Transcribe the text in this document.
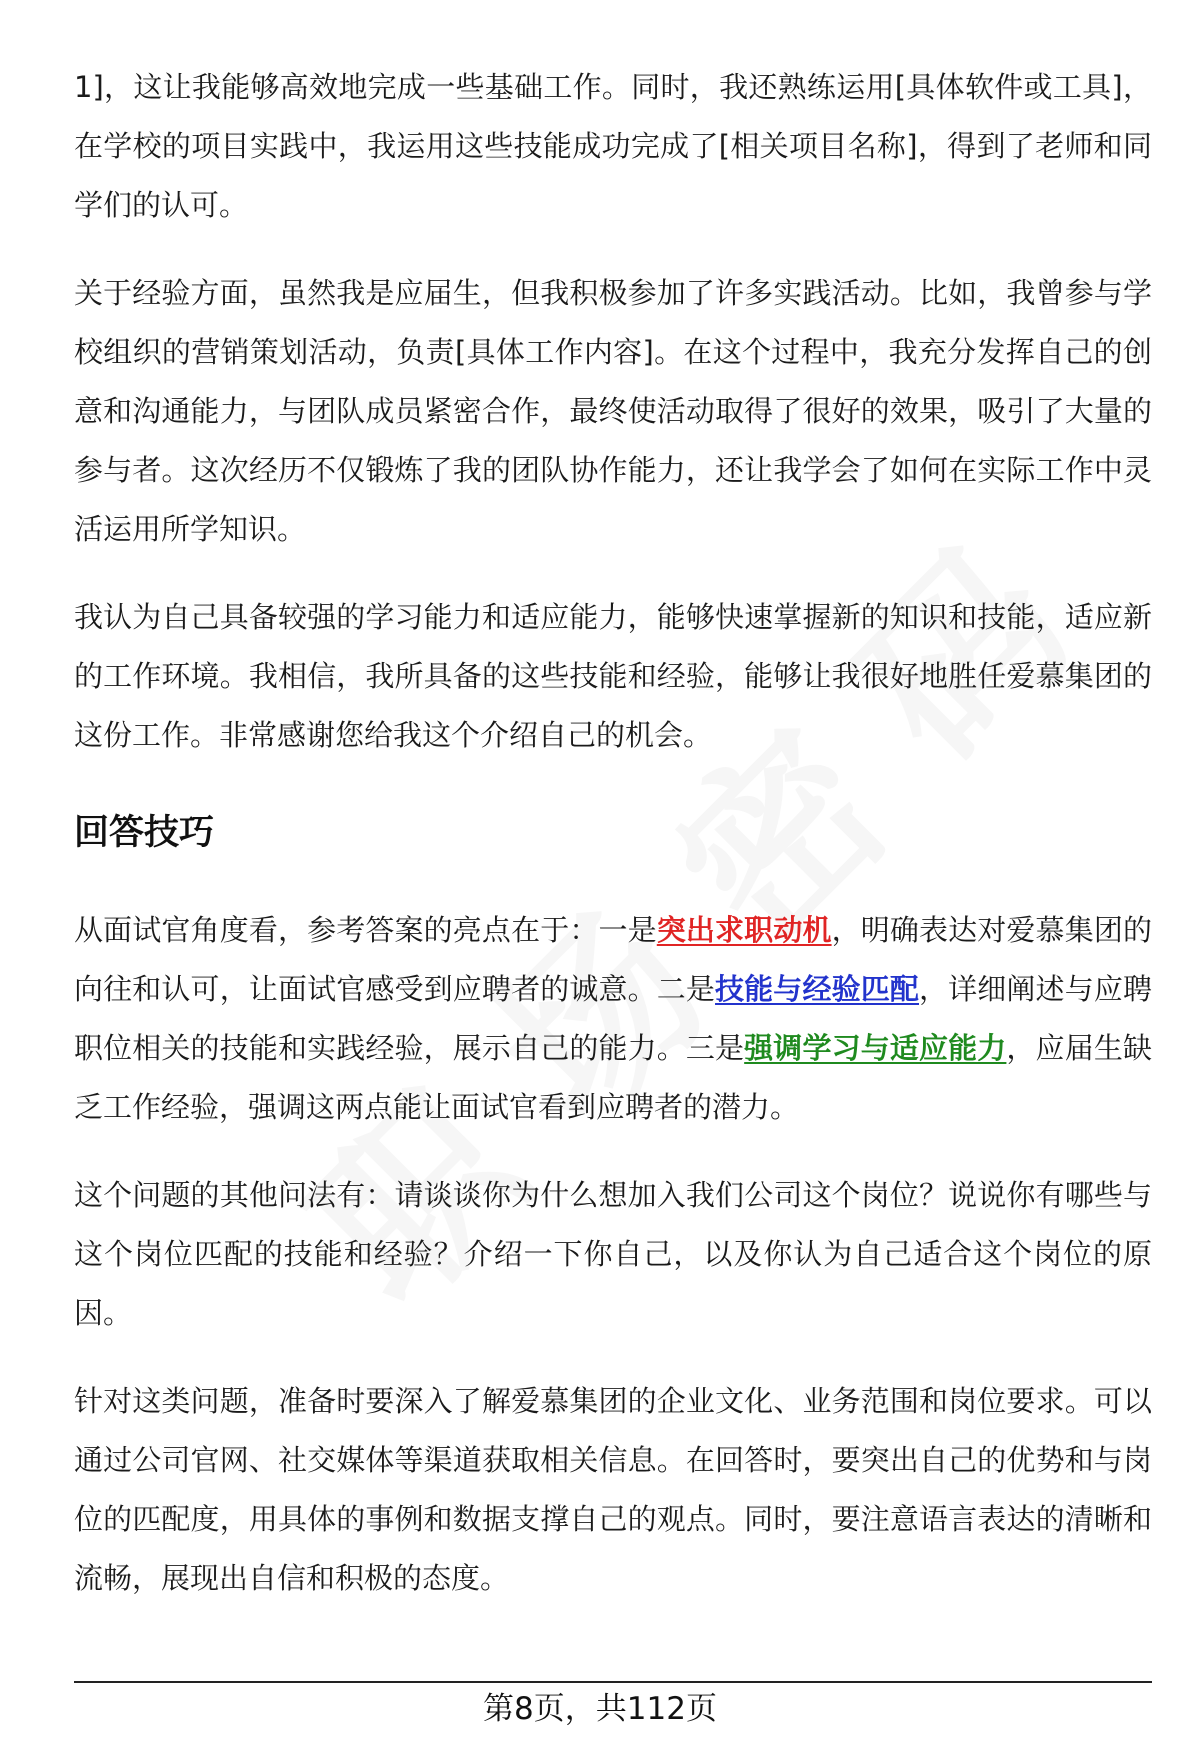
1]，这让我能够高效地完成一些基础工作。同时，我还熟练运用[具体软件或工具]，在学校的项目实践中，我运用这些技能成功完成了[相关项目名称]，得到了老师和同学们的认可。

关于经验方面，虽然我是应届生，但我积极参加了许多实践活动。比如，我曾参与学校组织的营销策划活动，负责[具体工作内容]。在这个过程中，我充分发挥自己的创意和沟通能力，与团队成员紧密合作，最终使活动取得了很好的效果，吸引了大量的参与者。这次经历不仅锻炼了我的团队协作能力，还让我学会了如何在实际工作中灵活运用所学知识。

我认为自己具备较强的学习能力和适应能力，能够快速掌握新的知识和技能，适应新的工作环境。我相信，我所具备的这些技能和经验，能够让我很好地胜任爱慕集团的这份工作。非常感谢您给我这个介绍自己的机会。

回答技巧

从面试官角度看，参考答案的亮点在于：一是突出求职动机，明确表达对爱慕集团的向往和认可，让面试官感受到应聘者的诚意。二是技能与经验匹配，详细阐述与应聘职位相关的技能和实践经验，展示自己的能力。三是强调学习与适应能力，应届生缺乏工作经验，强调这两点能让面试官看到应聘者的潜力。

这个问题的其他问法有：请谈谈你为什么想加入我们公司这个岗位？说说你有哪些与这个岗位匹配的技能和经验？介绍一下你自己，以及你认为自己适合这个岗位的原因。

针对这类问题，准备时要深入了解爱慕集团的企业文化、业务范围和岗位要求。可以通过公司官网、社交媒体等渠道获取相关信息。在回答时，要突出自己的优势和与岗位的匹配度，用具体的事例和数据支撑自己的观点。同时，要注意语言表达的清晰和流畅，展现出自信和积极的态度。

第8页，共112页
